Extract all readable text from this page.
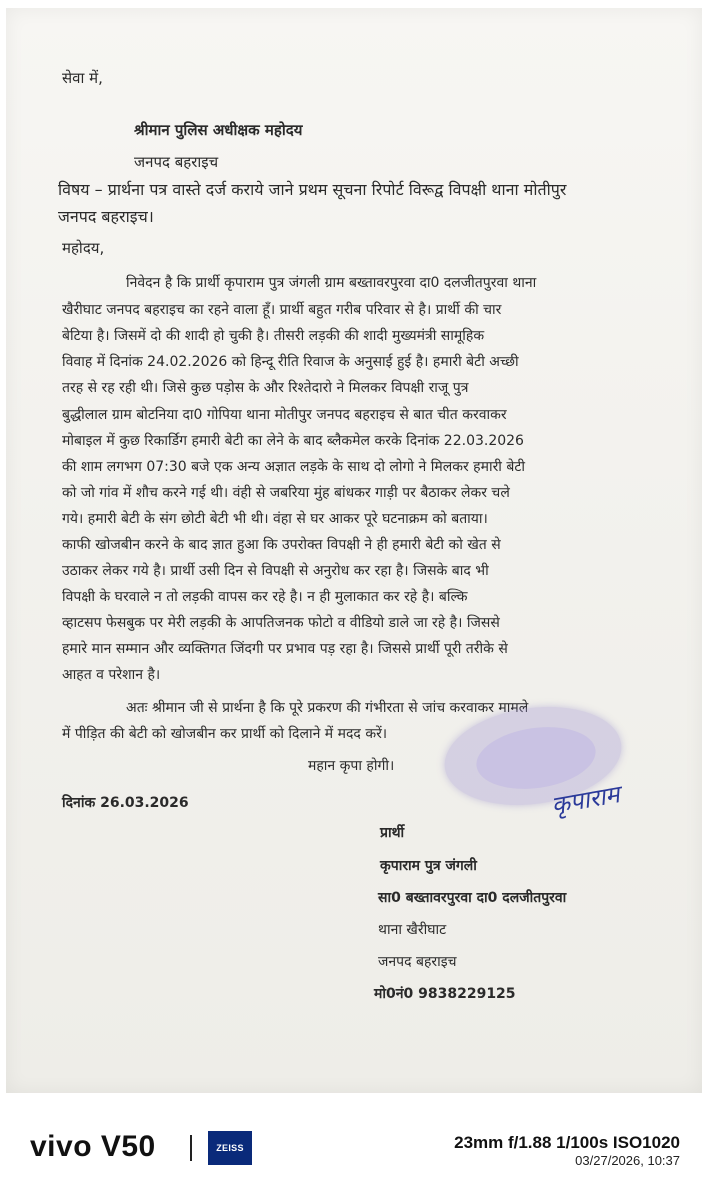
सेवा में,
श्रीमान पुलिस अधीक्षक महोदय
जनपद बहराइच
विषय – प्रार्थना पत्र वास्ते दर्ज कराये जाने प्रथम सूचना रिपोर्ट विरूद्व विपक्षी थाना मोतीपुर
जनपद बहराइच।
महोदय,
निवेदन है कि प्रार्थी कृपाराम पुत्र जंगली ग्राम बख्तावरपुरवा दा0 दलजीतपुरवा थाना
खैरीघाट जनपद बहराइच का रहने वाला हूँ। प्रार्थी बहुत गरीब परिवार से है। प्रार्थी की चार
बेटिया है। जिसमें दो की शादी हो चुकी है। तीसरी लड़की की शादी मुख्यमंत्री सामूहिक
विवाह में दिनांक 24.02.2026 को हिन्दू रीति रिवाज के अनुसाई हुई है। हमारी बेटी अच्छी
तरह से रह रही थी। जिसे कुछ पड़ोस के और रिश्तेदारो ने मिलकर विपक्षी राजू पुत्र
बुद्धीलाल ग्राम बोटनिया दा0 गोपिया थाना मोतीपुर जनपद बहराइच से बात चीत करवाकर
मोबाइल में कुछ रिकार्डिग हमारी बेटी का लेने के बाद ब्लैकमेल करके दिनांक 22.03.2026
की शाम लगभग 07:30 बजे एक अन्य अज्ञात लड़के के साथ दो लोगो ने मिलकर हमारी बेटी
को जो गांव में शौच करने गई थी। वंही से जबरिया मुंह बांधकर गाड़ी पर बैठाकर लेकर चले
गये। हमारी बेटी के संग छोटी बेटी भी थी। वंहा से घर आकर पूरे घटनाक्रम को बताया।
काफी खोजबीन करने के बाद ज्ञात हुआ कि उपरोक्त विपक्षी ने ही हमारी बेटी को खेत से
उठाकर लेकर गये है। प्रार्थी उसी दिन से विपक्षी से अनुरोध कर रहा है। जिसके बाद भी
विपक्षी के घरवाले न तो लड़की वापस कर रहे है। न ही मुलाकात कर रहे है। बल्कि
व्हाटसप फेसबुक पर मेरी लड़की के आपतिजनक फोटो व वीडियो डाले जा रहे है। जिससे
हमारे मान सम्मान और व्यक्तिगत जिंदगी पर प्रभाव पड़ रहा है। जिससे प्रार्थी पूरी तरीके से
आहत व परेशान है।
अतः श्रीमान जी से प्रार्थना है कि पूरे प्रकरण की गंभीरता से जांच करवाकर मामले
में पीड़ित की बेटी को खोजबीन कर प्रार्थी को दिलाने में मदद करें।
महान कृपा होगी।
दिनांक 26.03.2026	कृपाराम
प्रार्थी
कृपाराम पुत्र जंगली
सा0 बख्तावरपुरवा दा0 दलजीतपुरवा
थाना खैरीघाट
जनपद बहराइच
मो0नं0 9838229125
vivo V50	ZEISS	23mm f/1.88 1/100s ISO1020
03/27/2026, 10:37
